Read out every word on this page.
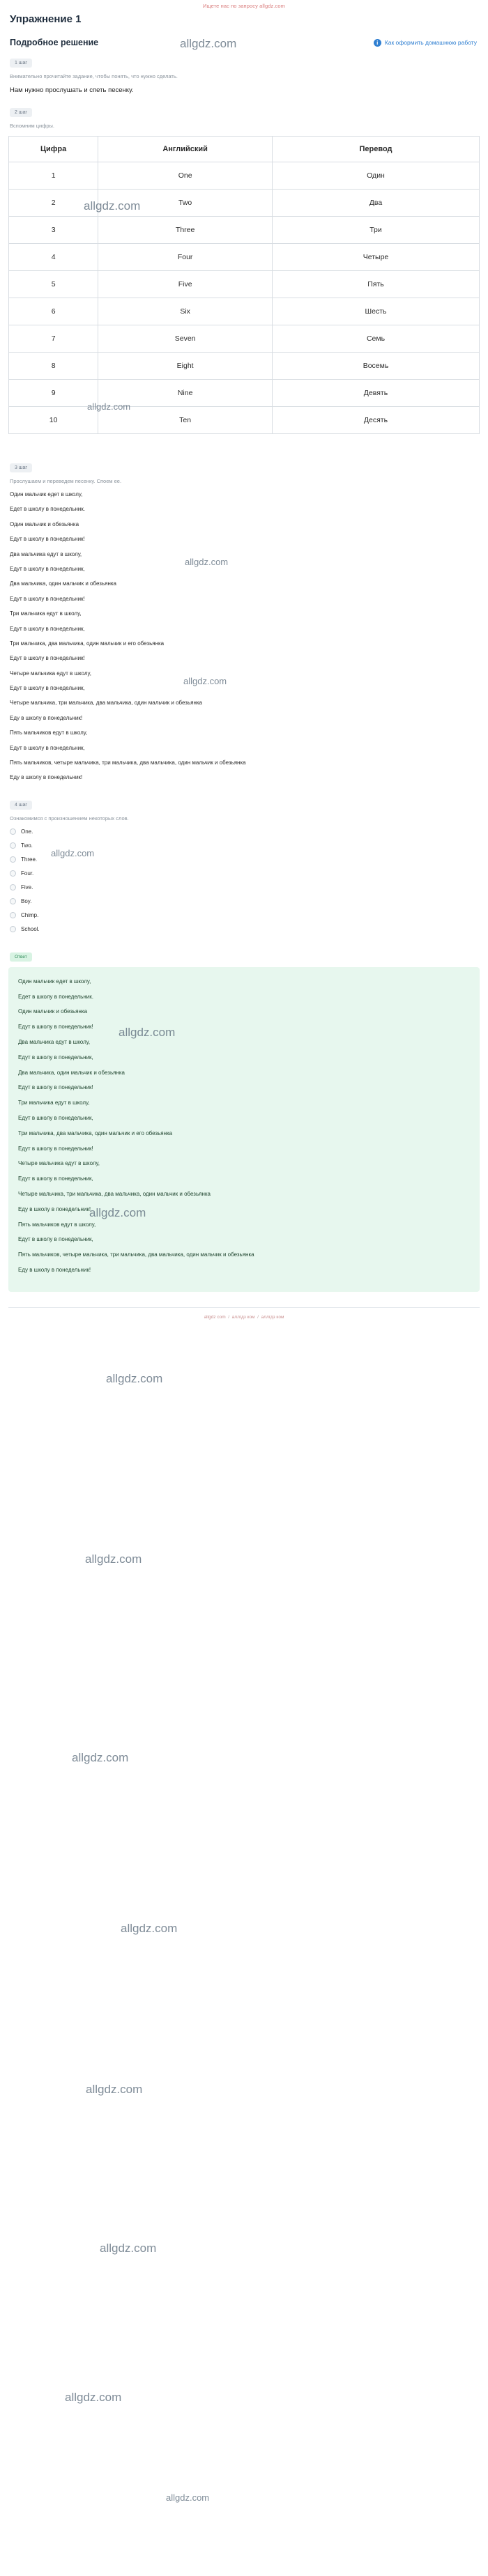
Ищете нас по запросу allgdz.com
Упражнение 1
Подробное решение	i	Как оформить домашнюю работу
1 шаг
Внимательно прочитайте задание, чтобы понять, что нужно сделать.
Нам нужно прослушать и спеть песенку.
2 шаг
Вспомним цифры.
Цифра	Английский	Перевод
1	One	Один
2	Two	Два
3	Three	Три
4	Four	Четыре
5	Five	Пять
6	Six	Шесть
7	Seven	Семь
8	Eight	Восемь
9	Nine	Девять
10	Ten	Десять
3 шаг
Прослушаем и переведем песенку. Споем ее.
Один мальчик едет в школу,
Едет в школу в понедельник.
Один мальчик и обезьянка
Едут в школу в понедельник!
Два мальчика едут в школу,
Едут в школу в понедельник,
Два мальчика, один мальчик и обезьянка
Едут в школу в понедельник!
Три мальчика едут в школу,
Едут в школу в понедельник,
Три мальчика, два мальчика, один мальчик и его обезьянка
Едут в школу в понедельник!
Четыре мальчика едут в школу,
Едут в школу в понедельник,
Четыре мальчика, три мальчика, два мальчика, один мальчик и обезьянка
Еду в школу в понедельник!
Пять мальчиков едут в школу,
Едут в школу в понедельник,
Пять мальчиков, четыре мальчика, три мальчика, два мальчика, один мальчик и обезьянка
Еду в школу в понедельник!
4 шаг
Ознакомимся с произношением некоторых слов.
One.
Two.
Three.
Four.
Five.
Boy.
Chimp.
School.
Ответ
Один мальчик едет в школу,
Едет в школу в понедельник.
Один мальчик и обезьянка
Едут в школу в понедельник!
Два мальчика едут в школу,
Едут в школу в понедельник,
Два мальчика, один мальчик и обезьянка
Едут в школу в понедельник!
Три мальчика едут в школу,
Едут в школу в понедельник,
Три мальчика, два мальчика, один мальчик и его обезьянка
Едут в школу в понедельник!
Четыре мальчика едут в школу,
Едут в школу в понедельник,
Четыре мальчика, три мальчика, два мальчика, один мальчик и обезьянка
Еду в школу в понедельник!
Пять мальчиков едут в школу,
Едут в школу в понедельник,
Пять мальчиков, четыре мальчика, три мальчика, два мальчика, один мальчик и обезьянка
Еду в школу в понедельник!
allgdz com  /  аллгдз ком  /  аллгдз ком
allgdz.com
allgdz.com
allgdz.com
allgdz.com
allgdz.com
allgdz.com
allgdz.com
allgdz.com
allgdz.com
allgdz.com
allgdz.com
allgdz.com
allgdz.com
allgdz.com
allgdz.com
allgdz.com
